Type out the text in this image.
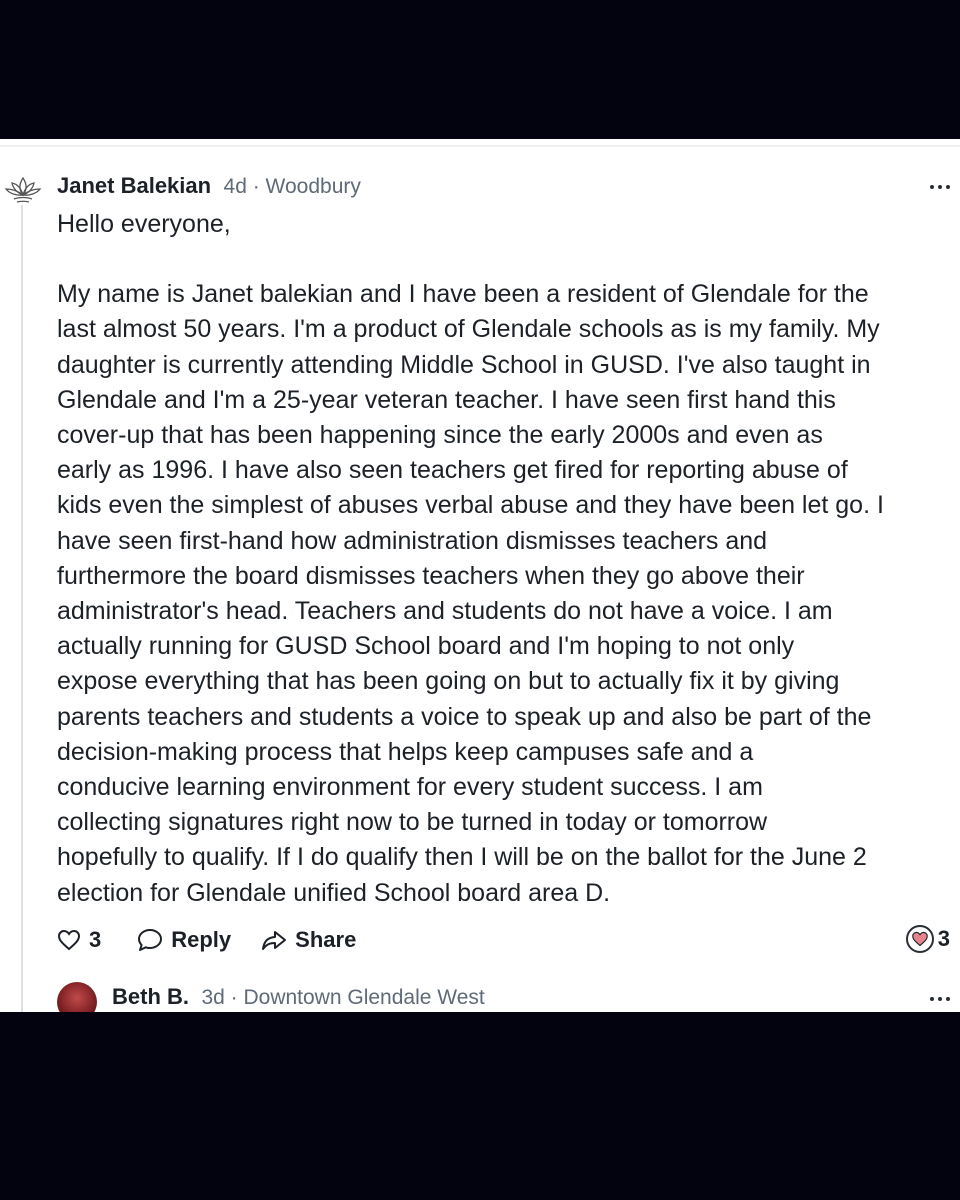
Janet Balekian 4d · Woodbury

Hello everyone,

My name is Janet balekian and I have been a resident of Glendale for the
last almost 50 years. I'm a product of Glendale schools as is my family. My
daughter is currently attending Middle School in GUSD. I've also taught in
Glendale and I'm a 25-year veteran teacher. I have seen first hand this
cover-up that has been happening since the early 2000s and even as
early as 1996. I have also seen teachers get fired for reporting abuse of
kids even the simplest of abuses verbal abuse and they have been let go. I
have seen first-hand how administration dismisses teachers and
furthermore the board dismisses teachers when they go above their
administrator's head. Teachers and students do not have a voice. I am
actually running for GUSD School board and I'm hoping to not only
expose everything that has been going on but to actually fix it by giving
parents teachers and students a voice to speak up and also be part of the
decision-making process that helps keep campuses safe and a
conducive learning environment for every student success. I am
collecting signatures right now to be turned in today or tomorrow
hopefully to qualify. If I do qualify then I will be on the ballot for the June 2
election for Glendale unified School board area D.

3	Reply	Share	3
Beth B. 3d · Downtown Glendale West
